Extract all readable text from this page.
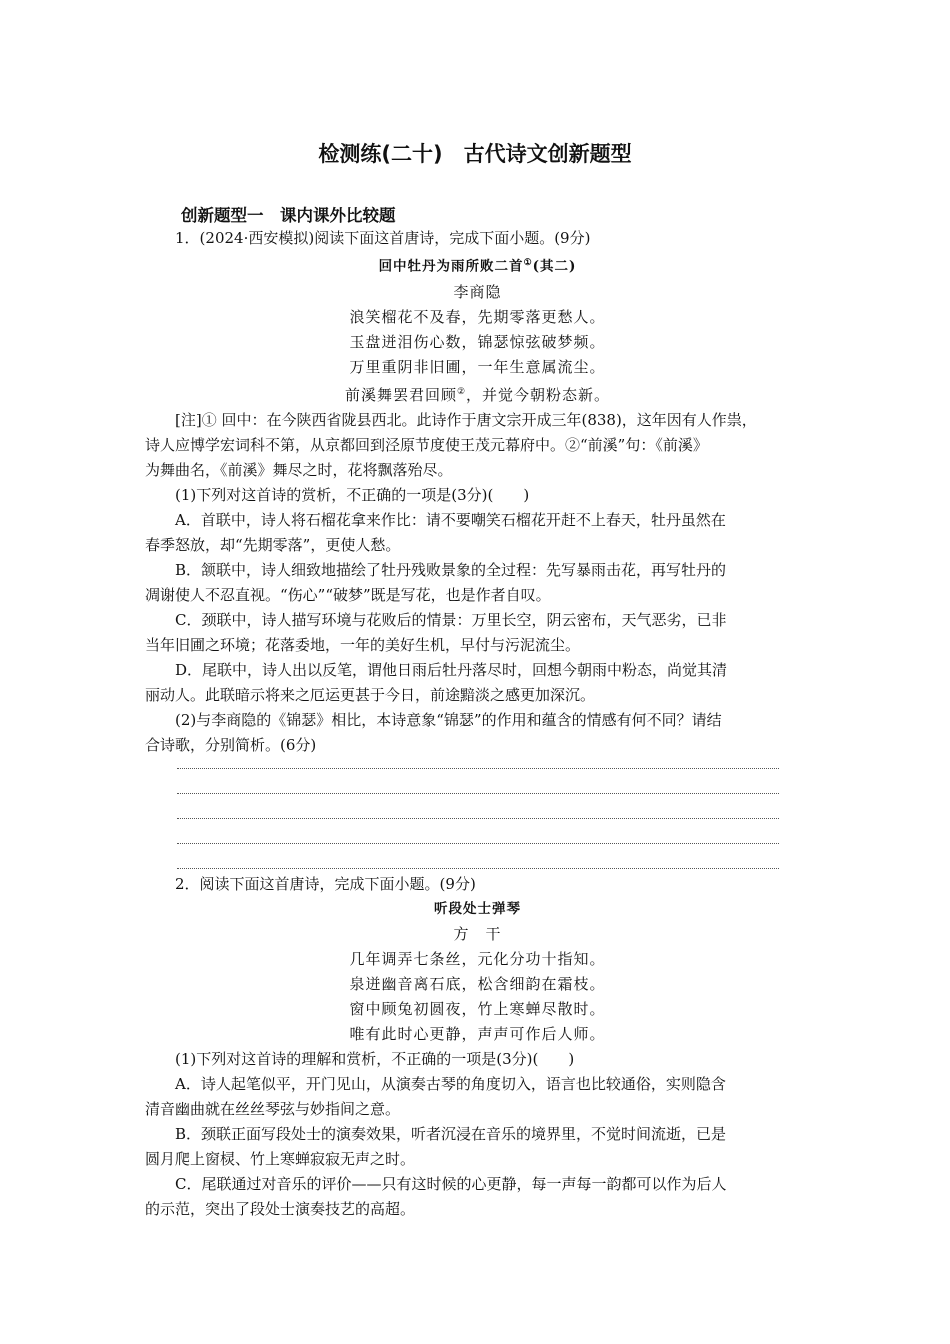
检测练(二十)　古代诗文创新题型
创新题型一　课内课外比较题

1．(2024·西安模拟)阅读下面这首唐诗，完成下面小题。(9分)

回中牡丹为雨所败二首①(其二)

李商隐

浪笑榴花不及春，先期零落更愁人。

玉盘迸泪伤心数，锦瑟惊弦破梦频。

万里重阴非旧圃，一年生意属流尘。

前溪舞罢君回顾②，并觉今朝粉态新。

[注]① 回中：在今陕西省陇县西北。此诗作于唐文宗开成三年(838)，这年因有人作祟，

诗人应博学宏词科不第，从京都回到泾原节度使王茂元幕府中。②“前溪”句：《前溪》

为舞曲名，《前溪》舞尽之时，花将飘落殆尽。

(1)下列对这首诗的赏析，不正确的一项是(3分)(　　)

A．首联中，诗人将石榴花拿来作比：请不要嘲笑石榴花开赶不上春天，牡丹虽然在

春季怒放，却“先期零落”，更使人愁。

B．颔联中，诗人细致地描绘了牡丹残败景象的全过程：先写暴雨击花，再写牡丹的

凋谢使人不忍直视。“伤心”“破梦”既是写花，也是作者自叹。

C．颈联中，诗人描写环境与花败后的情景：万里长空，阴云密布，天气恶劣，已非

当年旧圃之环境；花落委地，一年的美好生机，早付与污泥流尘。

D．尾联中，诗人出以反笔，谓他日雨后牡丹落尽时，回想今朝雨中粉态，尚觉其清

丽动人。此联暗示将来之厄运更甚于今日，前途黯淡之感更加深沉。

(2)与李商隐的《锦瑟》相比，本诗意象“锦瑟”的作用和蕴含的情感有何不同？请结

合诗歌，分别简析。(6分)

2．阅读下面这首唐诗，完成下面小题。(9分)

听段处士弹琴

方　干

几年调弄七条丝，元化分功十指知。

泉迸幽音离石底，松含细韵在霜枝。

窗中顾兔初圆夜，竹上寒蝉尽散时。

唯有此时心更静，声声可作后人师。

(1)下列对这首诗的理解和赏析，不正确的一项是(3分)(　　)

A．诗人起笔似平，开门见山，从演奏古琴的角度切入，语言也比较通俗，实则隐含

清音幽曲就在丝丝琴弦与妙指间之意。

B．颈联正面写段处士的演奏效果，听者沉浸在音乐的境界里，不觉时间流逝，已是

圆月爬上窗棂、竹上寒蝉寂寂无声之时。

C．尾联通过对音乐的评价——只有这时候的心更静，每一声每一韵都可以作为后人

的示范，突出了段处士演奏技艺的高超。
